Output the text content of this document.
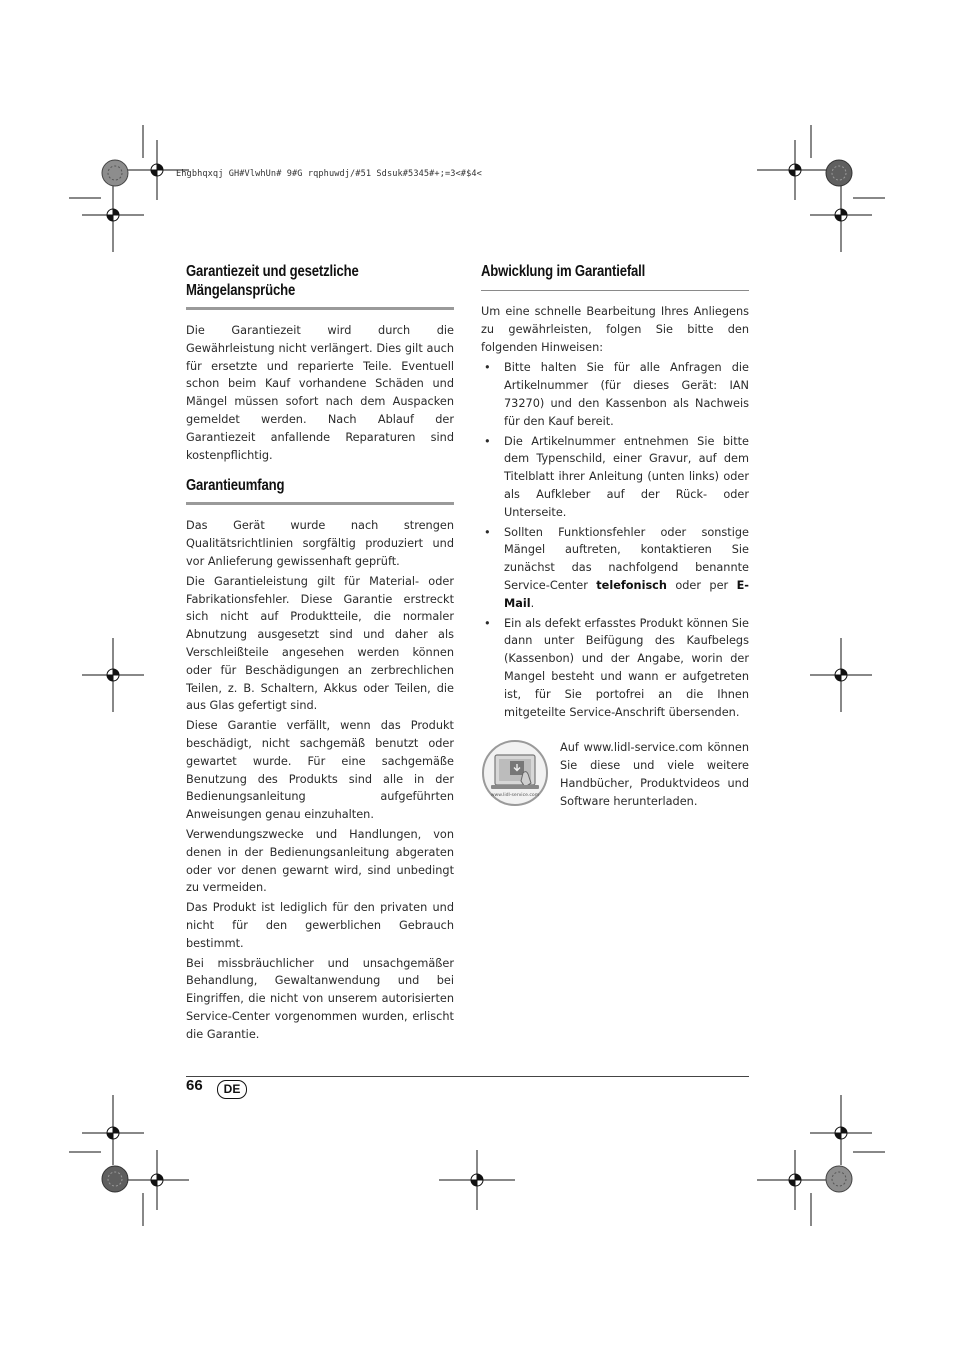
Ehgbhqxqj GH#VlwhUn# 9#G rqphuwdj/#51 Sdsuk#5345#+;=3<#$4<
Garantiezeit und gesetzliche
Mängelansprüche

Die Garantiezeit wird durch die Gewährleistung nicht verlängert. Dies gilt auch für ersetzte und reparierte Teile. Eventuell schon beim Kauf vorhandene Schäden und Mängel müssen sofort nach dem Auspacken gemeldet werden. Nach Ablauf der Garantiezeit anfallende Reparaturen sind kostenpflichtig.

Garantieumfang

Das Gerät wurde nach strengen Qualitätsrichtlinien sorgfältig produziert und vor Anlieferung gewissenhaft geprüft.

Die Garantieleistung gilt für Material- oder Fabrikationsfehler. Diese Garantie erstreckt sich nicht auf Produktteile, die normaler Abnutzung ausgesetzt sind und daher als Verschleißteile angesehen werden können oder für Beschädigungen an zerbrechlichen Teilen, z. B. Schaltern, Akkus oder Teilen, die aus Glas gefertigt sind.

Diese Garantie verfällt, wenn das Produkt beschädigt, nicht sachgemäß benutzt oder gewartet wurde. Für eine sachgemäße Benutzung des Produkts sind alle in der Bedienungsanleitung aufgeführten Anweisungen genau einzuhalten.

Verwendungszwecke und Handlungen, von denen in der Bedienungsanleitung abgeraten oder vor denen gewarnt wird, sind unbedingt zu vermeiden.

Das Produkt ist lediglich für den privaten und nicht für den gewerblichen Gebrauch bestimmt.

Bei missbräuchlicher und unsachgemäßer Behandlung, Gewaltanwendung und bei Eingriffen, die nicht von unserem autorisierten Service-Center vorgenommen wurden, erlischt die Garantie.

Abwicklung im Garantiefall

Um eine schnelle Bearbeitung Ihres Anliegens zu gewährleisten, folgen Sie bitte den folgenden Hinweisen:

• Bitte halten Sie für alle Anfragen die Artikelnummer (für dieses Gerät: IAN 73270) und den Kassenbon als Nachweis für den Kauf bereit.
• Die Artikelnummer entnehmen Sie bitte dem Typenschild, einer Gravur, auf dem Titelblatt ihrer Anleitung (unten links) oder als Aufkleber auf der Rück- oder Unterseite.
• Sollten Funktionsfehler oder sonstige Mängel auftreten, kontaktieren Sie zunächst das nachfolgend benannte Service-Center telefonisch oder per E-Mail.
• Ein als defekt erfasstes Produkt können Sie dann unter Beifügung des Kaufbelegs (Kassenbon) und der Angabe, worin der Mangel besteht und wann er aufgetreten ist, für Sie portofrei an die Ihnen mitgeteilte Service-Anschrift übersenden.
www.lidl-service.com

Auf www.lidl-service.com können Sie diese und viele weitere Handbücher, Produktvideos und Software herunterladen.

66	DE
